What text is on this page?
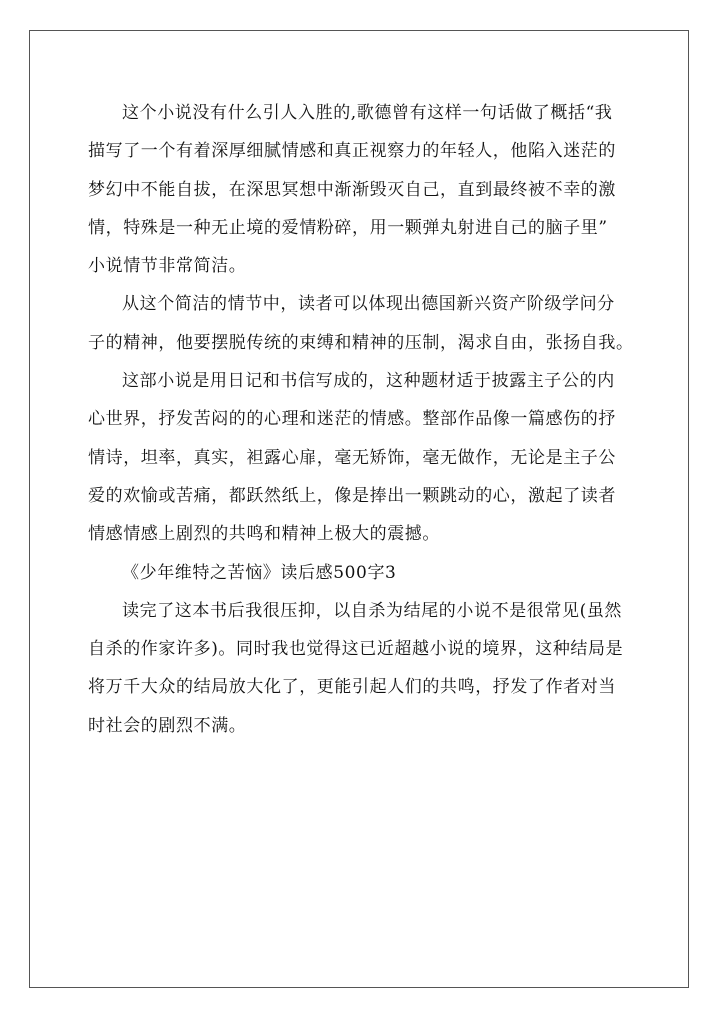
这个小说没有什么引人入胜的,歌德曾有这样一句话做了概括“我
描写了一个有着深厚细腻情感和真正视察力的年轻人，他陷入迷茫的
梦幻中不能自拔，在深思冥想中渐渐毁灭自己，直到最终被不幸的激
情，特殊是一种无止境的爱情粉碎，用一颗弹丸射进自己的脑子里”
小说情节非常简洁。
从这个简洁的情节中，读者可以体现出德国新兴资产阶级学问分
子的精神，他要摆脱传统的束缚和精神的压制，渴求自由，张扬自我。
这部小说是用日记和书信写成的，这种题材适于披露主子公的内
心世界，抒发苦闷的的心理和迷茫的情感。整部作品像一篇感伤的抒
情诗，坦率，真实，袒露心扉，毫无矫饰，毫无做作，无论是主子公
爱的欢愉或苦痛，都跃然纸上，像是捧出一颗跳动的心，激起了读者
情感情感上剧烈的共鸣和精神上极大的震撼。
《少年维特之苦恼》读后感500字3
读完了这本书后我很压抑，以自杀为结尾的小说不是很常见(虽然
自杀的作家许多)。同时我也觉得这已近超越小说的境界，这种结局是
将万千大众的结局放大化了，更能引起人们的共鸣，抒发了作者对当
时社会的剧烈不满。
